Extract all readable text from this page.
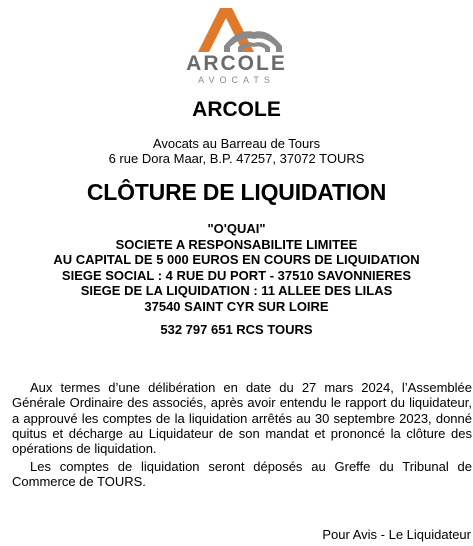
ARCOLE
AVOCATS
ARCOLE
Avocats au Barreau de Tours
6 rue Dora Maar, B.P. 47257, 37072 TOURS
CLÔTURE DE LIQUIDATION
"O'QUAI"
SOCIETE A RESPONSABILITE LIMITEE
AU CAPITAL DE 5 000 EUROS EN COURS DE LIQUIDATION
SIEGE SOCIAL : 4 RUE DU PORT - 37510 SAVONNIERES
SIEGE DE LA LIQUIDATION : 11 ALLEE DES LILAS
37540 SAINT CYR SUR LOIRE
532 797 651 RCS TOURS
Aux termes d’une délibération en date du 27 mars 2024, l’Assemblée Générale Ordinaire des associés, après avoir entendu le rapport du liquidateur, a approuvé les comptes de la liquidation arrêtés au 30 septembre 2023, donné quitus et décharge au Liquidateur de son mandat et prononcé la clôture des opérations de liquidation.
Les comptes de liquidation seront déposés au Greffe du Tribunal de Commerce de TOURS.
Pour Avis - Le Liquidateur
